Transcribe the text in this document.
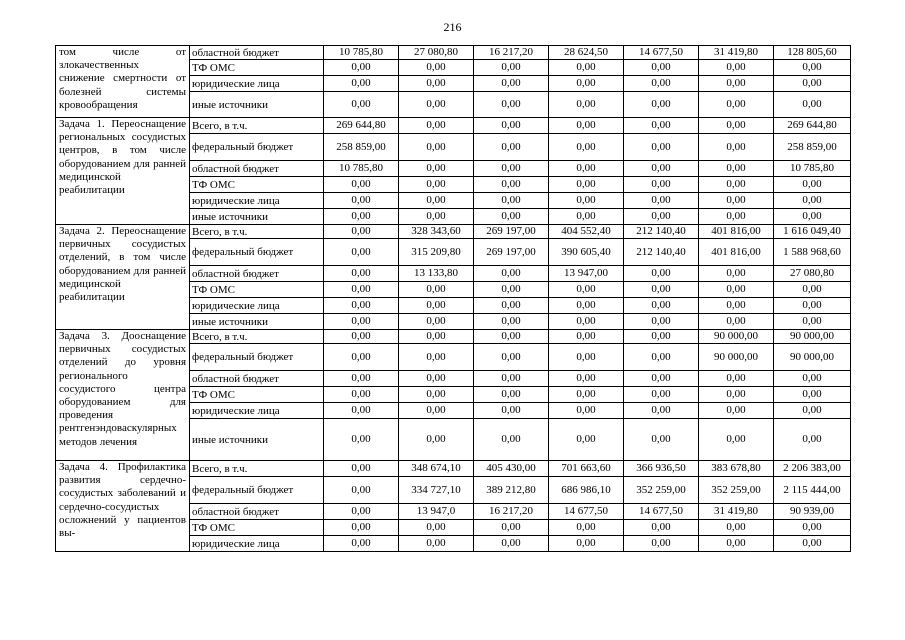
216
том числе от злокачественных снижение смертности от болезней системы кровообращения	областной бюджет	10 785,80	27 080,80	16 217,20	28 624,50	14 677,50	31 419,80	128 805,60
	ТФ ОМС	0,00	0,00	0,00	0,00	0,00	0,00	0,00
	юридические лица	0,00	0,00	0,00	0,00	0,00	0,00	0,00
	иные источники	0,00	0,00	0,00	0,00	0,00	0,00	0,00
Задача 1. Переоснащение региональных сосудистых центров, в том числе оборудованием для ранней медицинской реабилитации	Всего, в т.ч.	269 644,80	0,00	0,00	0,00	0,00	0,00	269 644,80
	федеральный бюджет	258 859,00	0,00	0,00	0,00	0,00	0,00	258 859,00
	областной бюджет	10 785,80	0,00	0,00	0,00	0,00	0,00	10 785,80
	ТФ ОМС	0,00	0,00	0,00	0,00	0,00	0,00	0,00
	юридические лица	0,00	0,00	0,00	0,00	0,00	0,00	0,00
	иные источники	0,00	0,00	0,00	0,00	0,00	0,00	0,00
Задача 2. Переоснащение первичных сосудистых отделений, в том числе оборудованием для ранней медицинской реабилитации	Всего, в т.ч.	0,00	328 343,60	269 197,00	404 552,40	212 140,40	401 816,00	1 616 049,40
	федеральный бюджет	0,00	315 209,80	269 197,00	390 605,40	212 140,40	401 816,00	1 588 968,60
	областной бюджет	0,00	13 133,80	0,00	13 947,00	0,00	0,00	27 080,80
	ТФ ОМС	0,00	0,00	0,00	0,00	0,00	0,00	0,00
	юридические лица	0,00	0,00	0,00	0,00	0,00	0,00	0,00
	иные источники	0,00	0,00	0,00	0,00	0,00	0,00	0,00
Задача 3. Дооснащение первичных сосудистых отделений до уровня регионального сосудистого центра оборудованием для проведения рентгенэндоваскулярных методов лечения	Всего, в т.ч.	0,00	0,00	0,00	0,00	0,00	90 000,00	90 000,00
	федеральный бюджет	0,00	0,00	0,00	0,00	0,00	90 000,00	90 000,00
	областной бюджет	0,00	0,00	0,00	0,00	0,00	0,00	0,00
	ТФ ОМС	0,00	0,00	0,00	0,00	0,00	0,00	0,00
	юридические лица	0,00	0,00	0,00	0,00	0,00	0,00	0,00
	иные источники	0,00	0,00	0,00	0,00	0,00	0,00	0,00
Задача 4. Профилактика развития сердечно-сосудистых заболеваний и сердечно-сосудистых осложнений у пациентов вы-	Всего, в т.ч.	0,00	348 674,10	405 430,00	701 663,60	366 936,50	383 678,80	2 206 383,00
	федеральный бюджет	0,00	334 727,10	389 212,80	686 986,10	352 259,00	352 259,00	2 115 444,00
	областной бюджет	0,00	13 947,0	16 217,20	14 677,50	14 677,50	31 419,80	90 939,00
	ТФ ОМС	0,00	0,00	0,00	0,00	0,00	0,00	0,00
	юридические лица	0,00	0,00	0,00	0,00	0,00	0,00	0,00
